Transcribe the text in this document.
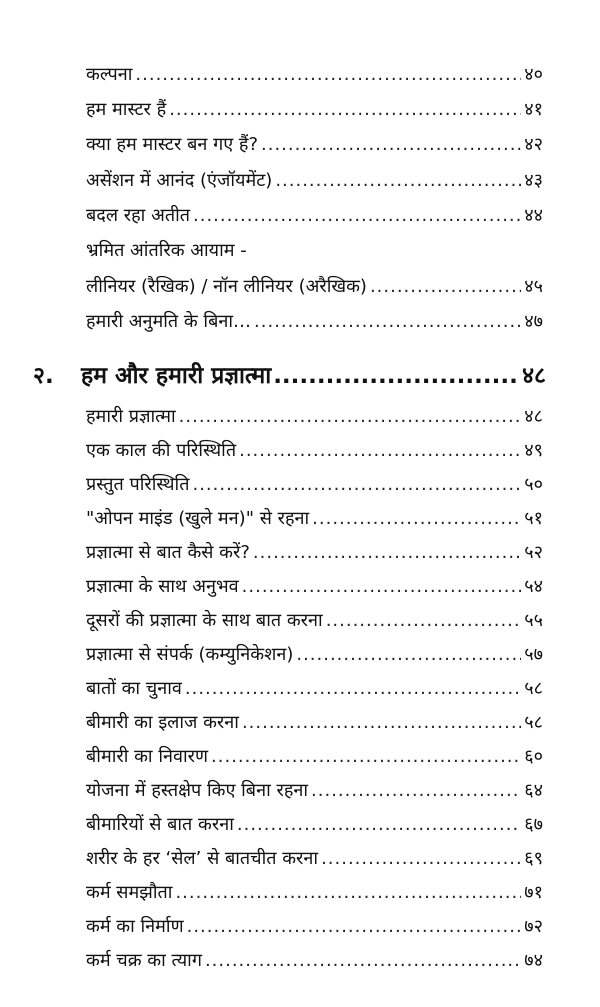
कल्पना .....	४०
हम मास्टर हैं .....	४१
क्या हम मास्टर बन गए हैं? .....	४२
असेंशन में आनंद (एंजॉयमेंट) .....	४३
बदल रहा अतीत .....	४४
भ्रमित आंतरिक आयाम -
लीनियर (रैखिक) / नॉन लीनियर (अरैखिक) .....	४५
हमारी अनुमति के बिना… .....	४७
२.	हम और हमारी प्रज्ञात्मा .....	४८
हमारी प्रज्ञात्मा .....	४८
एक काल की परिस्थिति .....	४९
प्रस्तुत परिस्थिति .....	५०
"ओपन माइंड (खुले मन)" से रहना .....	५१
प्रज्ञात्मा से बात कैसे करें? .....	५२
प्रज्ञात्मा के साथ अनुभव .....	५४
दूसरों की प्रज्ञात्मा के साथ बात करना .....	५५
प्रज्ञात्मा से संपर्क (कम्युनिकेशन) .....	५७
बातों का चुनाव .....	५८
बीमारी का इलाज करना .....	५८
बीमारी का निवारण .....	६०
योजना में हस्तक्षेप किए बिना रहना .....	६४
बीमारियों से बात करना .....	६७
शरीर के हर ‘सेल’ से बातचीत करना .....	६९
कर्म समझौता .....	७१
कर्म का निर्माण .....	७२
कर्म चक्र का त्याग .....	७४
